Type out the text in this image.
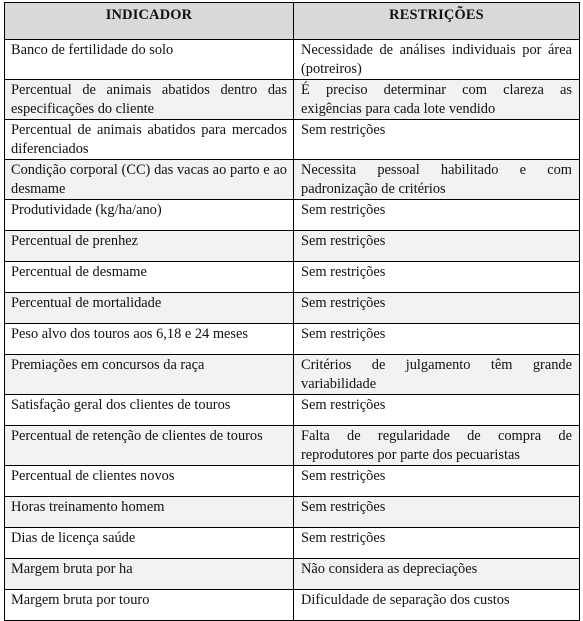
INDICADOR	RESTRIÇÕES
Banco de fertilidade do solo	Necessidade de análises individuais por área (potreiros)
Percentual de animais abatidos dentro das especificações do cliente	É preciso determinar com clareza as exigências para cada lote vendido
Percentual de animais abatidos para mercados diferenciados	Sem restrições
Condição corporal (CC) das vacas ao parto e ao desmame	Necessita pessoal habilitado e com padronização de critérios
Produtividade (kg/ha/ano)	Sem restrições
Percentual de prenhez	Sem restrições
Percentual de desmame	Sem restrições
Percentual de mortalidade	Sem restrições
Peso alvo dos touros aos 6,18 e 24 meses	Sem restrições
Premiações em concursos da raça	Critérios de julgamento têm grande variabilidade
Satisfação geral dos clientes de touros	Sem restrições
Percentual de retenção de clientes de touros	Falta de regularidade de compra de reprodutores por parte dos pecuaristas
Percentual de clientes novos	Sem restrições
Horas treinamento homem	Sem restrições
Dias de licença saúde	Sem restrições
Margem bruta por ha	Não considera as depreciações
Margem bruta por touro	Dificuldade de separação dos custos
